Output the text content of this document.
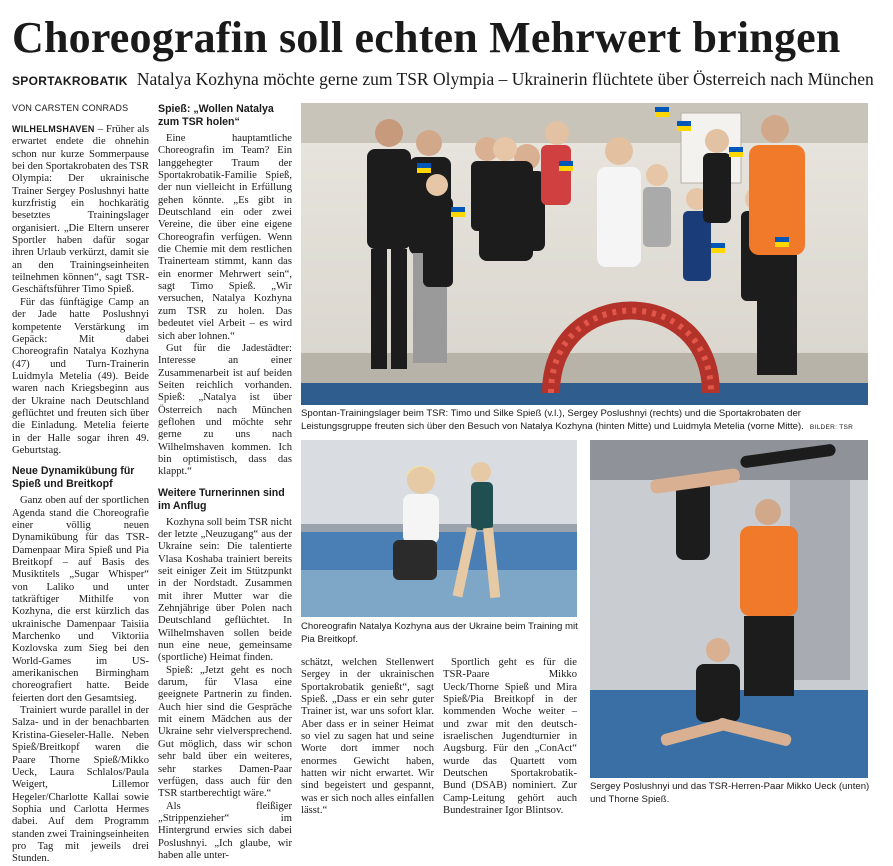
Choreografin soll echten Mehrwert bringen
SPORTAKROBATIK Natalya Kozhyna möchte gerne zum TSR Olympia – Ukrainerin flüchtete über Österreich nach München
VON CARSTEN CONRADS

WILHELMSHAVEN – Früher als erwartet endete die ohnehin schon nur kurze Sommerpause bei den Sportakrobaten des TSR Olympia: Der ukrainische Trainer Sergey Poslushnyi hatte kurzfristig ein hochkarätig besetztes Trainingslager organisiert. „Die Eltern unserer Sportler haben dafür sogar ihren Urlaub verkürzt, damit sie an den Trainingseinheiten teilnehmen können“, sagt TSR-Geschäftsführer Timo Spieß.

Für das fünftägige Camp an der Jade hatte Poslushnyi kompetente Verstärkung im Gepäck: Mit dabei Choreografin Natalya Kozhyna (47) und Turn-Trainerin Luidmyla Metelia (49). Beide waren nach Kriegsbeginn aus der Ukraine nach Deutschland geflüchtet und freuten sich über die Einladung. Metelia feierte in der Halle sogar ihren 49. Geburtstag.

Neue Dynamikübung für Spieß und Breitkopf

Ganz oben auf der sportlichen Agenda stand die Choreografie einer völlig neuen Dynamikübung für das TSR-Damenpaar Mira Spieß und Pia Breitkopf – auf Basis des Musiktitels „Sugar Whisper“ von Laliko und unter tatkräftiger Mithilfe von Kozhyna, die erst kürzlich das ukrainische Damenpaar Taisiia Marchenko und Viktoriia Kozlovska zum Sieg bei den World-Games im US-amerikanischen Birmingham choreografiert hatte. Beide feierten dort den Gesamtsieg.

Trainiert wurde parallel in der Salza- und in der benachbarten Kristina-Gieseler-Halle. Neben Spieß/Breitkopf waren die Paare Thorne Spieß/Mikko Ueck, Laura Schlalos/Paula Weigert, Lillemor Hegeler/Charlotte Kallai sowie Sophia und Carlotta Hermes dabei. Auf dem Programm standen zwei Trainingseinheiten pro Tag mit jeweils drei Stunden.

Spieß: „Wollen Natalya zum TSR holen“

Eine hauptamtliche Choreografin im Team? Ein langgehegter Traum der Sportakrobatik-Familie Spieß, der nun vielleicht in Erfüllung gehen könnte. „Es gibt in Deutschland ein oder zwei Vereine, die über eine eigene Choreografin verfügen. Wenn die Chemie mit dem restlichen Trainerteam stimmt, kann das ein enormer Mehrwert sein“, sagt Timo Spieß. „Wir versuchen, Natalya Kozhyna zum TSR zu holen. Das bedeutet viel Arbeit – es wird sich aber lohnen.“

Gut für die Jadestädter: Interesse an einer Zusammenarbeit ist auf beiden Seiten reichlich vorhanden. Spieß: „Natalya ist über Österreich nach München geflohen und möchte sehr gerne zu uns nach Wilhelmshaven kommen. Ich bin optimistisch, dass das klappt.“

Weitere Turnerinnen sind im Anflug

Kozhyna soll beim TSR nicht der letzte „Neuzugang“ aus der Ukraine sein: Die talentierte Vlasa Koshaba trainiert bereits seit einiger Zeit im Stützpunkt in der Nordstadt. Zusammen mit ihrer Mutter war die Zehnjährige über Polen nach Deutschland geflüchtet. In Wilhelmshaven sollen beide nun eine neue, gemeinsame (sportliche) Heimat finden.

Spieß: „Jetzt geht es noch darum, für Vlasa eine geeignete Partnerin zu finden. Auch hier sind die Gespräche mit einem Mädchen aus der Ukraine sehr vielversprechend. Gut möglich, dass wir schon sehr bald über ein weiteres, sehr starkes Damen-Paar verfügen, dass auch für den TSR startberechtigt wäre.“

Als fleißiger „Strippenzieher“ im Hintergrund erwies sich dabei Poslushnyi. „Ich glaube, wir haben alle unter-

schätzt, welchen Stellenwert Sergey in der ukrainischen Sportakrobatik genießt“, sagt Spieß. „Dass er ein sehr guter Trainer ist, war uns sofort klar. Aber dass er in seiner Heimat so viel zu sagen hat und seine Worte dort immer noch enormes Gewicht haben, hatten wir nicht erwartet. Wir sind begeistert und gespannt, was er sich noch alles einfallen lässt.“

Sportlich geht es für die TSR-Paare Mikko Ueck/Thorne Spieß und Mira Spieß/Pia Breitkopf in der kommenden Woche weiter – und zwar mit den deutsch-israelischen Jugendturnier in Augsburg. Für den „ConAct“ wurde das Quartett vom Deutschen Sportakrobatik-Bund (DSAB) nominiert. Zur Camp-Leitung gehört auch Bundestrainer Igor Blintsov.

Spontan-Trainingslager beim TSR: Timo und Silke Spieß (v.l.), Sergey Poslushnyi (rechts) und die Sportakrobaten der Leistungsgruppe freuten sich über den Besuch von Natalya Kozhyna (hinten Mitte) und Luidmyla Metelia (vorne Mitte). BILDER: TSR
Choreografin Natalya Kozhyna aus der Ukraine beim Training mit Pia Breitkopf.
Sergey Poslushnyi und das TSR-Herren-Paar Mikko Ueck (unten) und Thorne Spieß.
